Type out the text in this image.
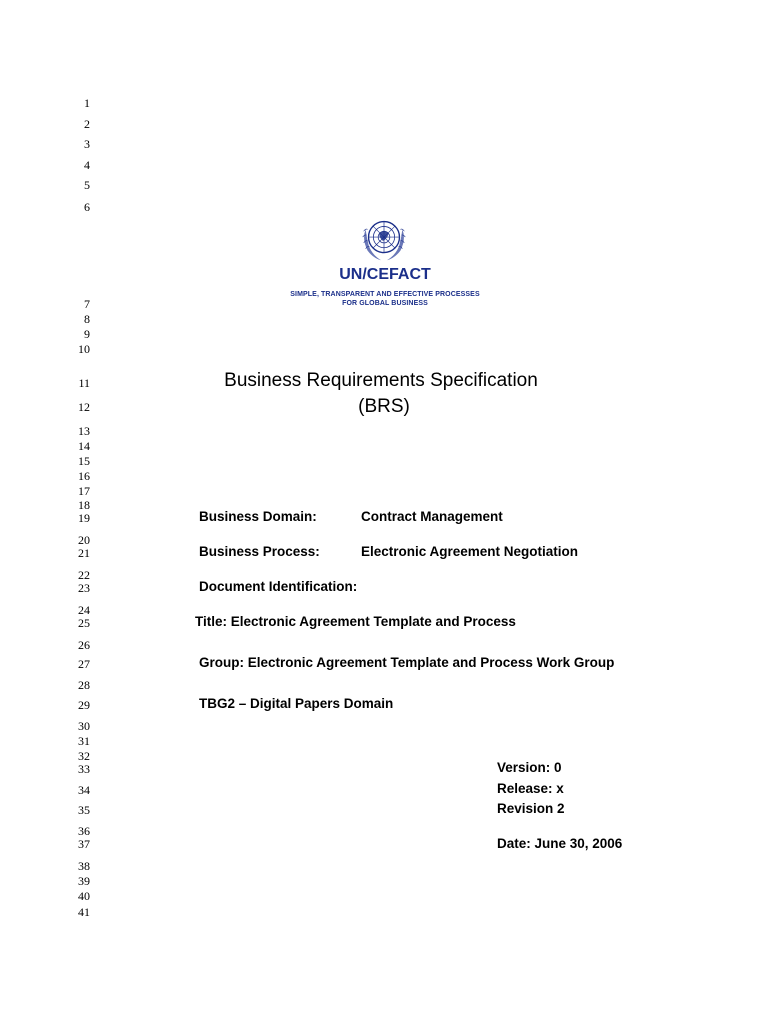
1
2
3
4
5
6
7
8
9
10
11
12
13
14
15
16
17
18
19
20
21
22
23
24
25
26
27
28
29
30
31
32
33
34
35
36
37
38
39
40
41
UN/CEFACT
SIMPLE, TRANSPARENT AND EFFECTIVE PROCESSES
FOR GLOBAL BUSINESS
Business Requirements Specification
(BRS)
Business Domain:	Contract Management
Business Process:	Electronic Agreement Negotiation
Document Identification:
Title: Electronic Agreement Template and Process
Group: Electronic Agreement Template and Process Work Group
TBG2 – Digital Papers Domain
Version: 0
Release: x
Revision 2
Date: June 30, 2006
